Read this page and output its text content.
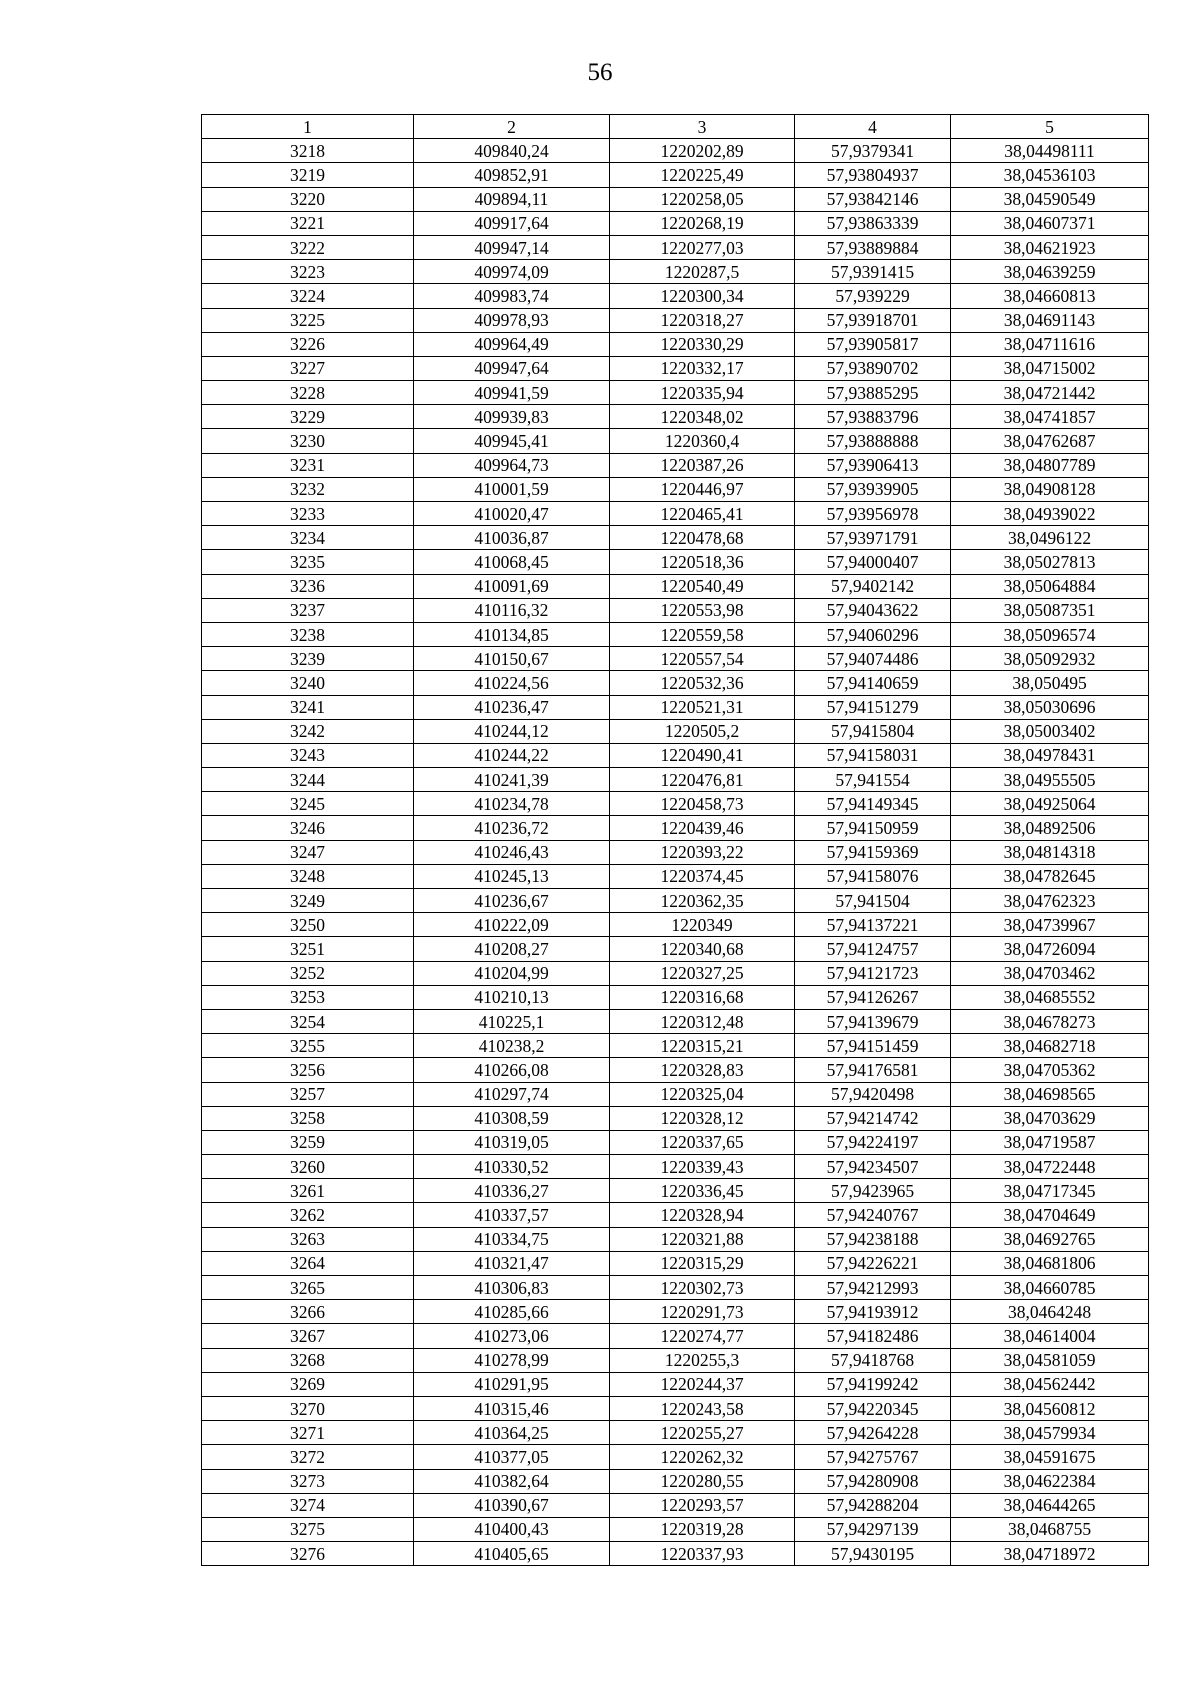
56
1	2	3	4	5
3218	409840,24	1220202,89	57,9379341	38,04498111
3219	409852,91	1220225,49	57,93804937	38,04536103
3220	409894,11	1220258,05	57,93842146	38,04590549
3221	409917,64	1220268,19	57,93863339	38,04607371
3222	409947,14	1220277,03	57,93889884	38,04621923
3223	409974,09	1220287,5	57,9391415	38,04639259
3224	409983,74	1220300,34	57,939229	38,04660813
3225	409978,93	1220318,27	57,93918701	38,04691143
3226	409964,49	1220330,29	57,93905817	38,04711616
3227	409947,64	1220332,17	57,93890702	38,04715002
3228	409941,59	1220335,94	57,93885295	38,04721442
3229	409939,83	1220348,02	57,93883796	38,04741857
3230	409945,41	1220360,4	57,93888888	38,04762687
3231	409964,73	1220387,26	57,93906413	38,04807789
3232	410001,59	1220446,97	57,93939905	38,04908128
3233	410020,47	1220465,41	57,93956978	38,04939022
3234	410036,87	1220478,68	57,93971791	38,0496122
3235	410068,45	1220518,36	57,94000407	38,05027813
3236	410091,69	1220540,49	57,9402142	38,05064884
3237	410116,32	1220553,98	57,94043622	38,05087351
3238	410134,85	1220559,58	57,94060296	38,05096574
3239	410150,67	1220557,54	57,94074486	38,05092932
3240	410224,56	1220532,36	57,94140659	38,050495
3241	410236,47	1220521,31	57,94151279	38,05030696
3242	410244,12	1220505,2	57,9415804	38,05003402
3243	410244,22	1220490,41	57,94158031	38,04978431
3244	410241,39	1220476,81	57,941554	38,04955505
3245	410234,78	1220458,73	57,94149345	38,04925064
3246	410236,72	1220439,46	57,94150959	38,04892506
3247	410246,43	1220393,22	57,94159369	38,04814318
3248	410245,13	1220374,45	57,94158076	38,04782645
3249	410236,67	1220362,35	57,941504	38,04762323
3250	410222,09	1220349	57,94137221	38,04739967
3251	410208,27	1220340,68	57,94124757	38,04726094
3252	410204,99	1220327,25	57,94121723	38,04703462
3253	410210,13	1220316,68	57,94126267	38,04685552
3254	410225,1	1220312,48	57,94139679	38,04678273
3255	410238,2	1220315,21	57,94151459	38,04682718
3256	410266,08	1220328,83	57,94176581	38,04705362
3257	410297,74	1220325,04	57,9420498	38,04698565
3258	410308,59	1220328,12	57,94214742	38,04703629
3259	410319,05	1220337,65	57,94224197	38,04719587
3260	410330,52	1220339,43	57,94234507	38,04722448
3261	410336,27	1220336,45	57,9423965	38,04717345
3262	410337,57	1220328,94	57,94240767	38,04704649
3263	410334,75	1220321,88	57,94238188	38,04692765
3264	410321,47	1220315,29	57,94226221	38,04681806
3265	410306,83	1220302,73	57,94212993	38,04660785
3266	410285,66	1220291,73	57,94193912	38,0464248
3267	410273,06	1220274,77	57,94182486	38,04614004
3268	410278,99	1220255,3	57,9418768	38,04581059
3269	410291,95	1220244,37	57,94199242	38,04562442
3270	410315,46	1220243,58	57,94220345	38,04560812
3271	410364,25	1220255,27	57,94264228	38,04579934
3272	410377,05	1220262,32	57,94275767	38,04591675
3273	410382,64	1220280,55	57,94280908	38,04622384
3274	410390,67	1220293,57	57,94288204	38,04644265
3275	410400,43	1220319,28	57,94297139	38,0468755
3276	410405,65	1220337,93	57,9430195	38,04718972
